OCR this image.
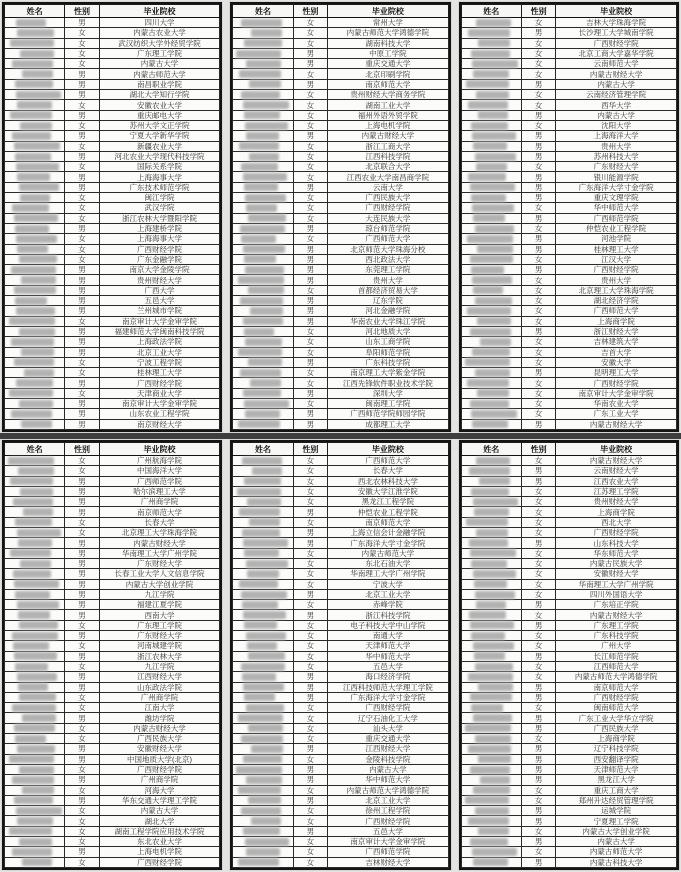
姓名	性别	毕业院校

	男	四川大学

	女	内蒙古农业大学

	女	武汉纺织大学外经贸学院

	女	广东理工学院

	女	内蒙古大学

	男	内蒙古师范大学

	男	南昌职业学院

	男	湖北大学知行学院

	女	安徽农业大学

	男	重庆邮电大学

	女	苏州大学文正学院

	男	宁夏大学新华学院

	女	新疆农业大学

	男	河北农业大学现代科技学院

	女	国际关系学院

	男	上海海事大学

	男	广东技术师范学院

	女	闽江学院

	女	武汉学院

	女	浙江农林大学暨阳学院

	男	上海建桥学院

	女	上海海事大学

	女	广西财经学院

	女	广东金融学院

	男	南京大学金陵学院

	男	贵州财经大学

	男	广西大学

	男	五邑大学

	男	兰州城市学院

	女	南京审计大学金审学院

	男	福建师范大学闽南科技学院

	男	上海政法学院

	男	北京工业大学

	女	宁波工程学院

	女	桂林理工大学

	男	广西财经学院

	女	天津商业大学

	男	南京审计大学金审学院

	男	山东农业工程学院

	男	南京财经大学
姓名	性别	毕业院校

	女	常州大学

	女	内蒙古师范大学鸿德学院

	女	湖南科技大学

	男	中原工学院

	男	重庆交通大学

	女	北京印刷学院

	男	南京师范大学

	女	贵州财经大学商务学院

	女	湖南工业大学

	女	福州外语外贸学院

	女	上海电机学院

	男	内蒙古财经大学

	女	浙江工商大学

	女	江西科技学院

	女	北京联合大学

	女	江西农业大学南昌商学院

	男	云南大学

	女	广西民族大学

	女	广西财经学院

	女	大连民族大学

	男	琼台师范学院

	女	广西师范大学

	男	北京师范大学珠海分校

	男	西北政法大学

	男	东莞理工学院

	男	贵州大学

	女	首都经济贸易大学

	男	辽东学院

	男	河北金融学院

	男	华南农业大学珠江学院

	女	河北地质大学

	女	山东工商学院

	女	阜阳师范学院

	男	广东科技学院

	女	南京理工大学紫金学院

	女	江西先锋软件职业技术学院

	男	深圳大学

	女	闽南理工学院

	男	广西师范学院师园学院

	男	成都理工大学
姓名	性别	毕业院校

	女	吉林大学珠海学院

	男	长沙理工大学城南学院

	女	广西财经学院

	女	北京工商大学嘉华学院

	女	云南师范大学

	女	内蒙古财经大学

	男	内蒙古大学

	女	云南经济管理学院

	女	西华大学

	男	内蒙古大学

	女	沈阳大学

	男	上海海洋大学

	男	贵州大学

	男	苏州科技大学

	女	广东财经大学

	男	银川能源学院

	男	广东海洋大学寸金学院

	男	重庆文理学院

	女	华中师范大学

	男	广西师范学院

	女	仲恺农业工程学院

	男	河池学院

	男	桂林理工大学

	女	江汉大学

	男	广西财经学院

	女	贵州大学

	女	北京理工大学珠海学院

	女	湖北经济学院

	女	广西师范大学

	女	上海商学院

	男	浙江财经大学

	女	吉林建筑大学

	女	吉首大学

	女	安徽大学

	男	昆明理工大学

	女	广西财经学院

	女	南京审计大学金审学院

	女	华南农业大学

	女	广东工业大学

	男	内蒙古财经大学
姓名	性别	毕业院校

	女	广州航海学院

	女	中国海洋大学

	男	广西师范学院

	男	哈尔滨理工大学

	男	广州商学院

	男	南京师范大学

	女	长春大学

	女	北京理工大学珠海学院

	男	内蒙古财经大学

	男	华南理工大学广州学院

	男	广东财经大学

	男	长春工业大学人文信息学院

	男	内蒙古大学创业学院

	男	九江学院

	男	福建江夏学院

	男	西南大学

	女	广东理工学院

	男	广东财经大学

	女	河南城建学院

	男	浙江农林大学

	女	九江学院

	男	江西财经大学

	男	山东政法学院

	女	广州商学院

	女	江南大学

	男	潍坊学院

	女	内蒙古财经大学

	女	广西民族大学

	男	安徽财经大学

	男	中国地质大学(北京)

	女	广西财经学院

	男	广州商学院

	女	河海大学

	男	华东交通大学理工学院

	女	内蒙古大学

	女	湖北大学

	女	湖南工程学院应用技术学院

	女	东北农业大学

	男	上海电机学院

	女	广西财经学院
姓名	性别	毕业院校

	女	广西师范大学

	女	长春大学

	女	西北农林科技大学

	女	安徽大学江淮学院

	女	黑龙江工程学院

	男	仲恺农业工程学院

	女	南京师范大学

	男	上海立信会计金融学院

	男	广东海洋大学寸金学院

	女	内蒙古师范大学

	女	东北石油大学

	女	华南理工大学广州学院

	女	宁波大学

	男	北京工业大学

	女	赤峰学院

	男	浙江科技学院

	女	电子科技大学中山学院

	女	南通大学

	女	天津师范大学

	女	华中师范大学

	女	五邑大学

	男	海口经济学院

	男	江西科技师范大学理工学院

	男	广东海洋大学寸金学院

	女	广西财经学院

	女	辽宁石油化工大学

	女	汕头大学

	女	重庆交通大学

	男	江西财经大学

	女	金陵科技学院

	男	内蒙古大学

	男	华中师范大学

	女	内蒙古师范大学鸿德学院

	男	北京工业大学

	女	徐州工程学院

	女	广西财经学院

	男	五邑大学

	女	南京审计大学金审学院

	女	广西师范学院

	女	吉林财经大学
姓名	性别	毕业院校

	女	内蒙古财经大学

	男	云南财经大学

	男	江西农业大学

	女	江苏理工学院

	女	贵州财经大学

	女	上海商学院

	女	西北大学

	女	广西财经学院

	男	山东科技大学

	女	华东师范大学

	女	内蒙古民族大学

	女	安徽财经大学

	女	华南理工大学广州学院

	女	四川外国语大学

	男	广东培正学院

	女	内蒙古财经大学

	男	广东理工学院

	女	广东科技学院

	女	广州大学

	男	长江师范学院

	女	江西师范大学

	女	内蒙古师范大学鸿德学院

	男	南京师范大学

	男	广西财经学院

	女	闽南师范大学

	男	广东工业大学华立学院

	男	广西民族大学

	女	上海商学院

	男	辽宁科技学院

	男	西安翻译学院

	男	天津师范大学

	男	黑龙江大学

	女	重庆工商大学

	女	郑州升达经贸管理学院

	男	运城学院

	男	宁夏理工学院

	女	内蒙古大学创业学院

	男	内蒙古大学

	女	内蒙古师范大学

	男	内蒙古科技大学
